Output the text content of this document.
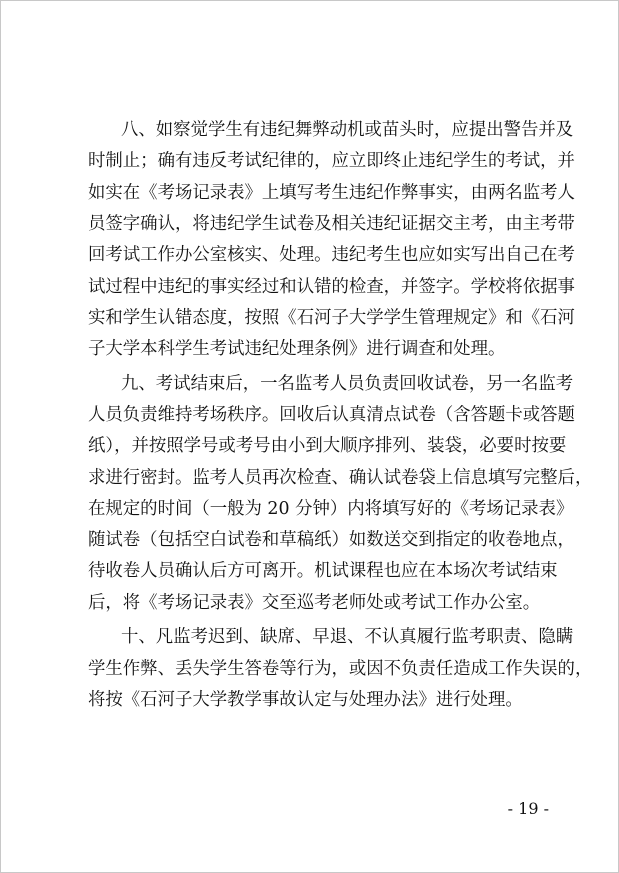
八、如察觉学生有违纪舞弊动机或苗头时，应提出警告并及
时制止；确有违反考试纪律的，应立即终止违纪学生的考试，并
如实在《考场记录表》上填写考生违纪作弊事实，由两名监考人
员签字确认，将违纪学生试卷及相关违纪证据交主考，由主考带
回考试工作办公室核实、处理。违纪考生也应如实写出自己在考
试过程中违纪的事实经过和认错的检查，并签字。学校将依据事
实和学生认错态度，按照《石河子大学学生管理规定》和《石河
子大学本科学生考试违纪处理条例》进行调查和处理。
九、考试结束后，一名监考人员负责回收试卷，另一名监考
人员负责维持考场秩序。回收后认真清点试卷（含答题卡或答题
纸），并按照学号或考号由小到大顺序排列、装袋，必要时按要
求进行密封。监考人员再次检查、确认试卷袋上信息填写完整后，
在规定的时间（一般为 20 分钟）内将填写好的《考场记录表》
随试卷（包括空白试卷和草稿纸）如数送交到指定的收卷地点，
待收卷人员确认后方可离开。机试课程也应在本场次考试结束
后，将《考场记录表》交至巡考老师处或考试工作办公室。
十、凡监考迟到、缺席、早退、不认真履行监考职责、隐瞒
学生作弊、丢失学生答卷等行为，或因不负责任造成工作失误的，
将按《石河子大学教学事故认定与处理办法》进行处理。
- 19 -
